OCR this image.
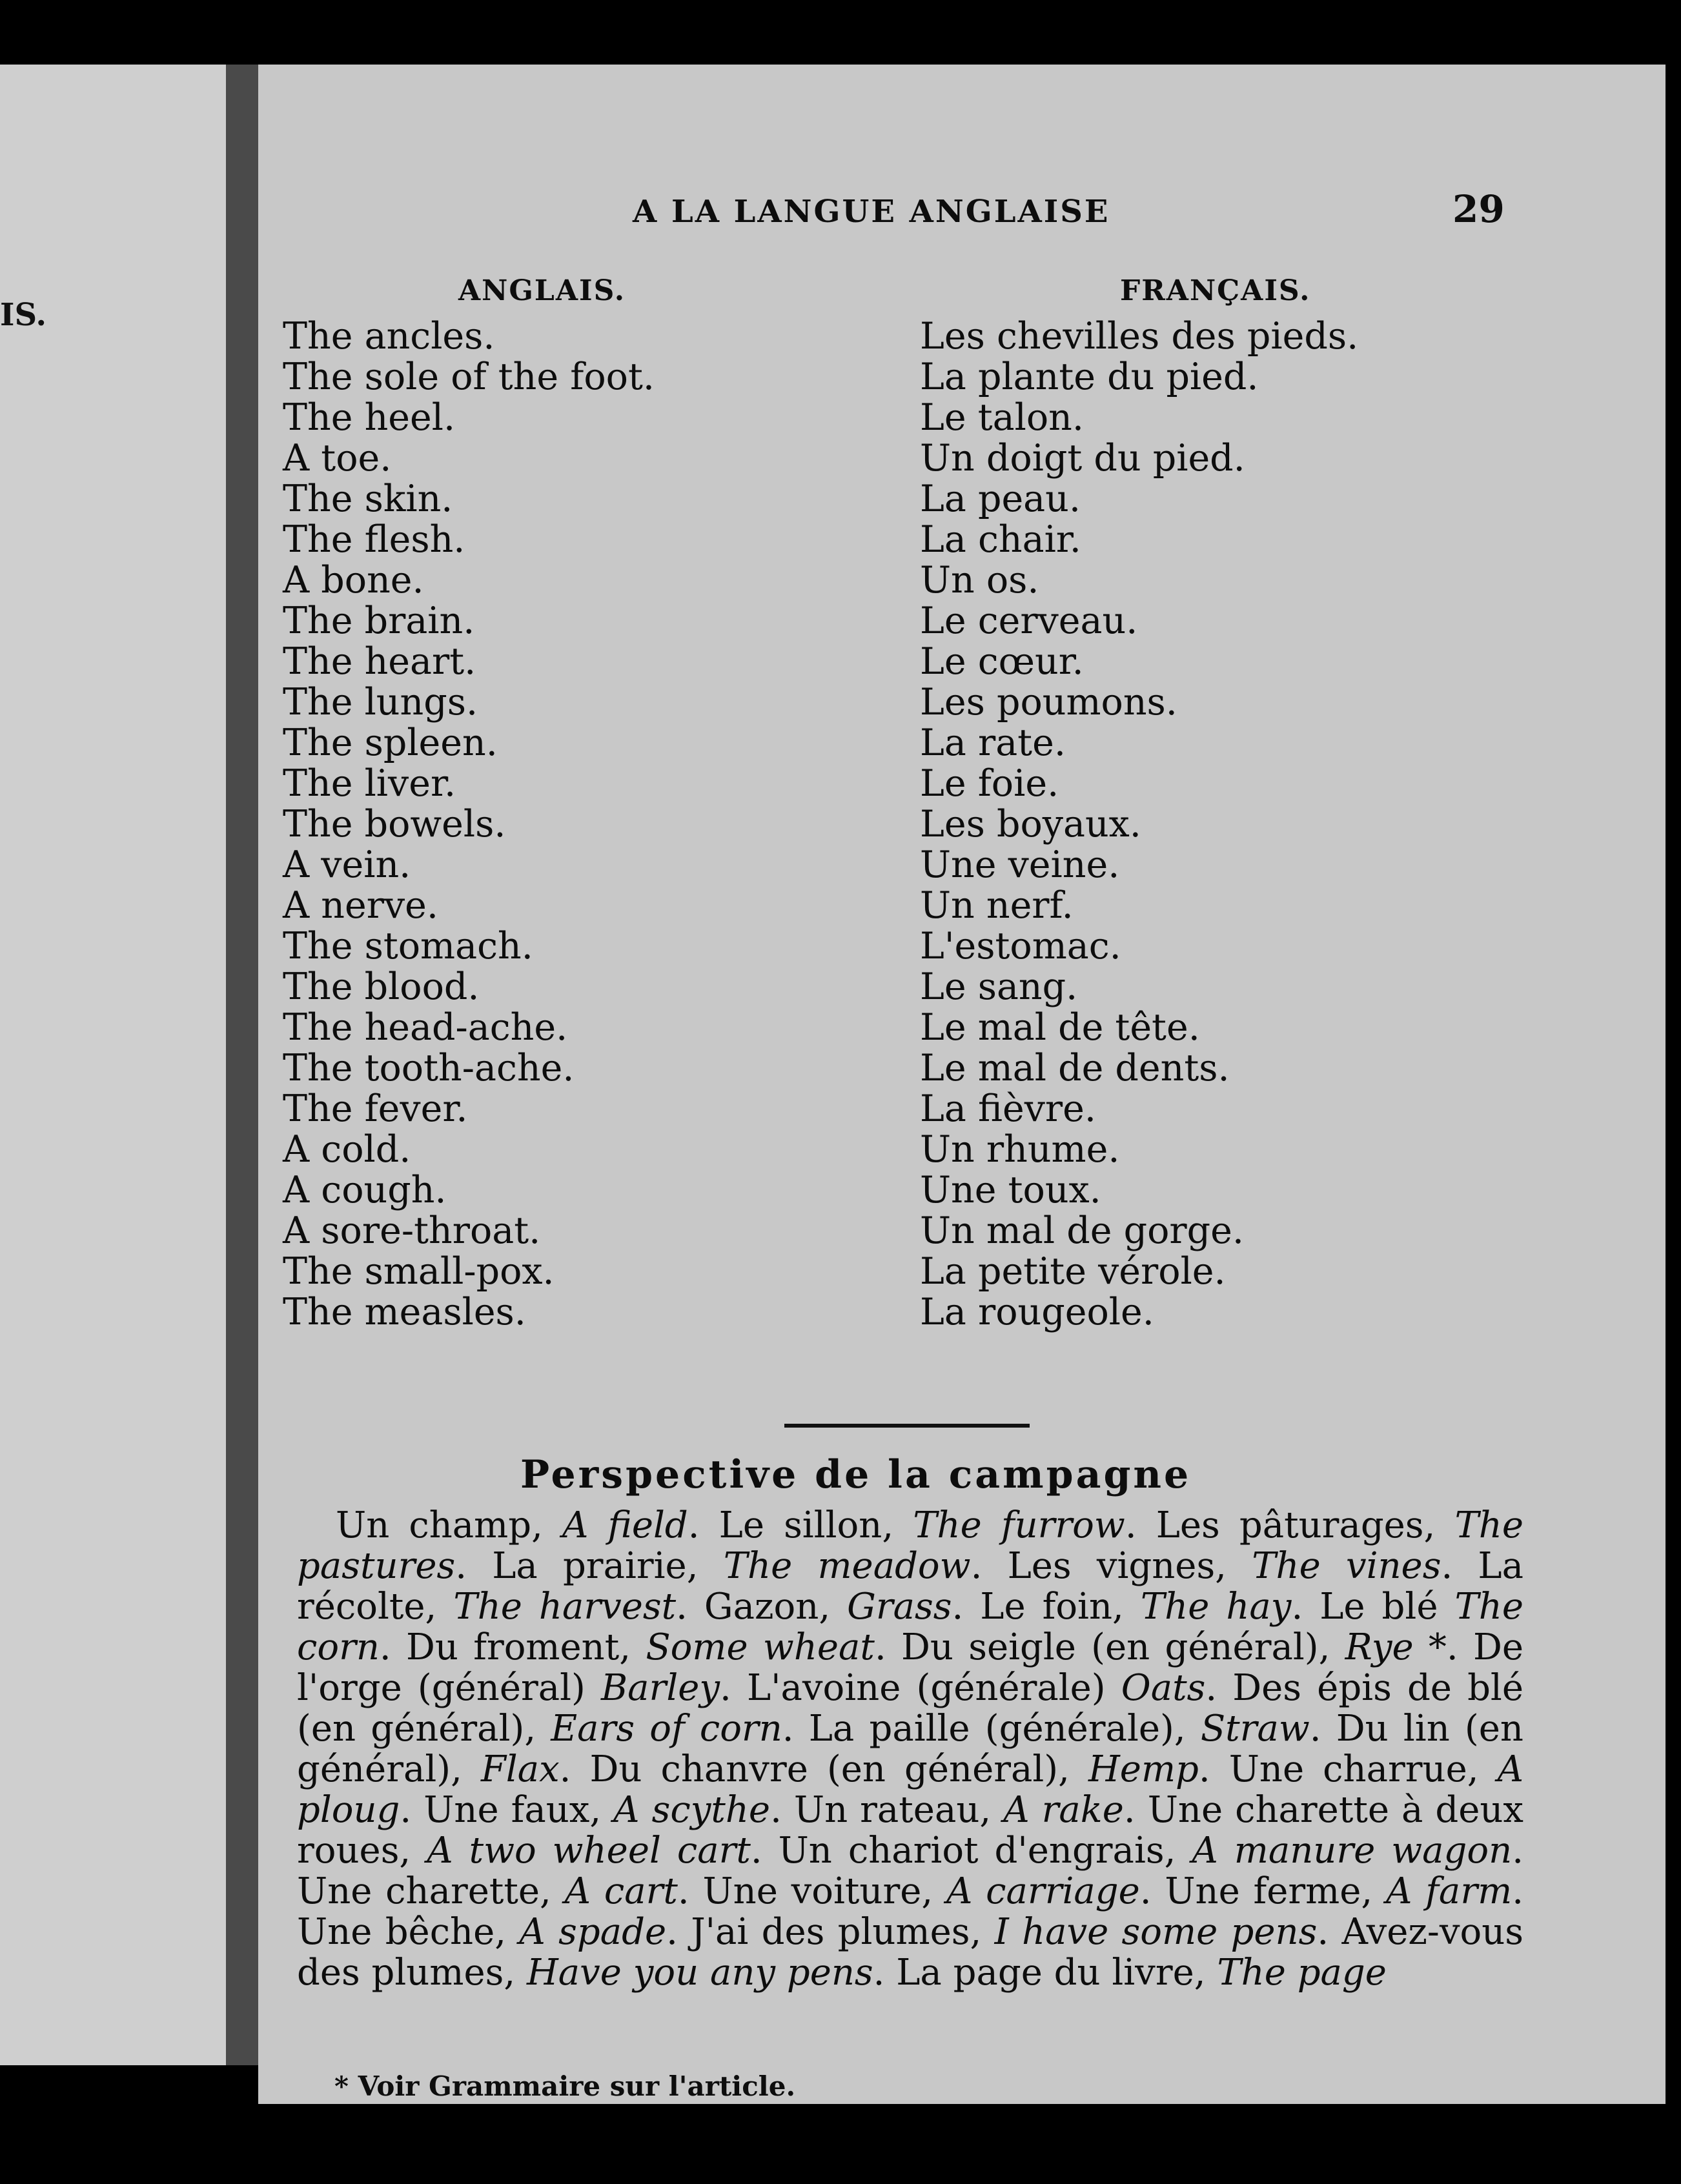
IS.
A LA LANGUE ANGLAISE	29
ANGLAIS.	FRANÇAIS.
The ancles.
The sole of the foot.
The heel.
A toe.
The skin.
The flesh.
A bone.
The brain.
The heart.
The lungs.
The spleen.
The liver.
The bowels.
A vein.
A nerve.
The stomach.
The blood.
The head-ache.
The tooth-ache.
The fever.
A cold.
A cough.
A sore-throat.
The small-pox.
The measles.
Les chevilles des pieds.
La plante du pied.
Le talon.
Un doigt du pied.
La peau.
La chair.
Un os.
Le cerveau.
Le cœur.
Les poumons.
La rate.
Le foie.
Les boyaux.
Une veine.
Un nerf.
L'estomac.
Le sang.
Le mal de tête.
Le mal de dents.
La fièvre.
Un rhume.
Une toux.
Un mal de gorge.
La petite vérole.
La rougeole.
Perspective de la campagne

Un champ, A field. Le sillon, The furrow. Les pâturages, The pastures. La prairie, The meadow. Les vignes, The vines. La récolte, The harvest. Gazon, Grass. Le foin, The hay. Le blé The corn. Du froment, Some wheat. Du seigle (en général), Rye *. De l'orge (général) Barley. L'avoine (générale) Oats. Des épis de blé (en général), Ears of corn. La paille (générale), Straw. Du lin (en général), Flax. Du chanvre (en général), Hemp. Une charrue, A ploug. Une faux, A scythe. Un rateau, A rake. Une charette à deux roues, A two wheel cart. Un chariot d'engrais, A manure wagon. Une charette, A cart. Une voiture, A carriage. Une ferme, A farm. Une bêche, A spade. J'ai des plumes, I have some pens. Avez-vous des plumes, Have you any pens. La page du livre, The page

* Voir Grammaire sur l'article.
